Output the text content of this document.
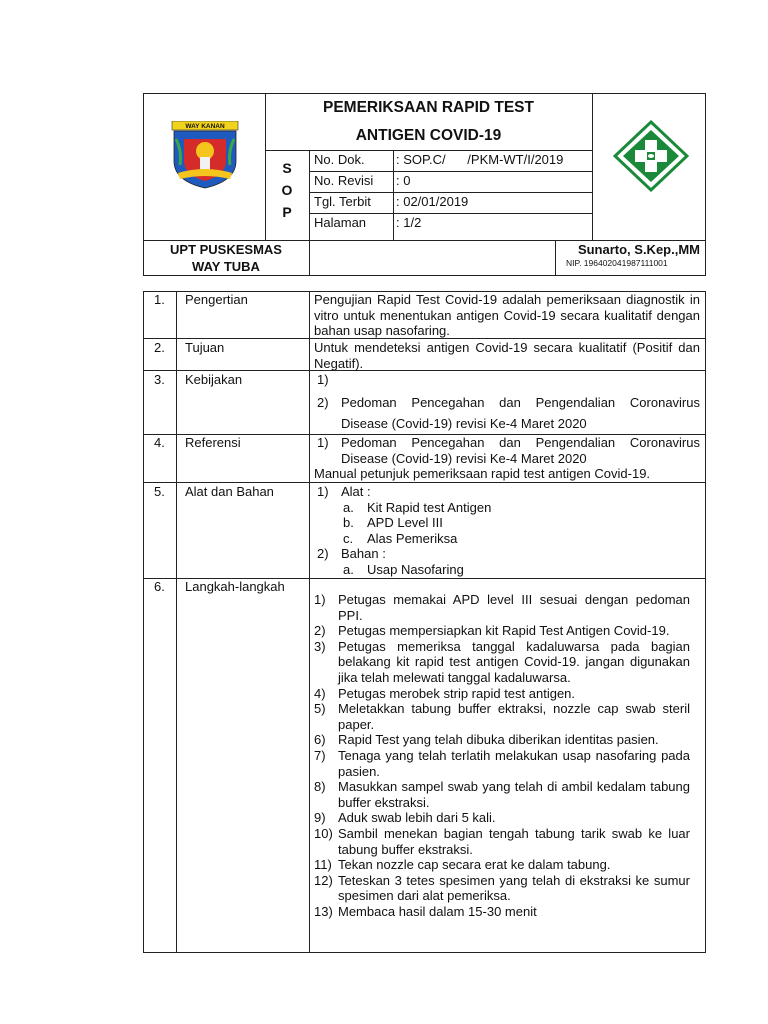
WAY KANAN
PEMERIKSAAN RAPID TEST
ANTIGEN COVID-19
S
O
P
No. Dok. : SOP.C/      /PKM-WT/I/2019
No. Revisi : 0
Tgl. Terbit : 02/01/2019
Halaman : 1/2
UPT PUSKESMAS
WAY TUBA
Sunarto, S.Kep.,MM
NIP. 196402041987111001
1. Pengertian	Pengujian Rapid Test Covid-19 adalah pemeriksaan diagnostik in vitro untuk menentukan antigen Covid-19 secara kualitatif dengan bahan usap nasofaring.
2. Tujuan	Untuk mendeteksi antigen Covid-19 secara kualitatif (Positif dan Negatif).
3. Kebijakan	1)
2) Pedoman Pencegahan dan Pengendalian Coronavirus Disease (Covid-19) revisi Ke-4 Maret 2020
4. Referensi	1) Pedoman Pencegahan dan Pengendalian Coronavirus Disease (Covid-19) revisi Ke-4 Maret 2020
Manual petunjuk pemeriksaan rapid test antigen Covid-19.
5. Alat dan Bahan	1) Alat :
a. Kit Rapid test Antigen
b. APD Level III
c. Alas Pemeriksa
2) Bahan :
a. Usap Nasofaring
6. Langkah-langkah
1) Petugas memakai APD level III sesuai dengan pedoman PPI.
2) Petugas mempersiapkan kit Rapid Test Antigen Covid-19.
3) Petugas memeriksa tanggal kadaluwarsa pada bagian belakang kit rapid test antigen Covid-19. jangan digunakan jika telah melewati tanggal kadaluwarsa.
4) Petugas merobek strip rapid test antigen.
5) Meletakkan tabung buffer ektraksi, nozzle cap swab steril paper.
6) Rapid Test yang telah dibuka diberikan identitas pasien.
7) Tenaga yang telah terlatih melakukan usap nasofaring pada pasien.
8) Masukkan sampel swab yang telah di ambil kedalam tabung buffer ekstraksi.
9) Aduk swab lebih dari 5 kali.
10) Sambil menekan bagian tengah tabung tarik swab ke luar tabung buffer ekstraksi.
11) Tekan nozzle cap secara erat ke dalam tabung.
12) Teteskan 3 tetes spesimen yang telah di ekstraksi ke sumur spesimen dari alat pemeriksa.
13) Membaca hasil dalam 15-30 menit
